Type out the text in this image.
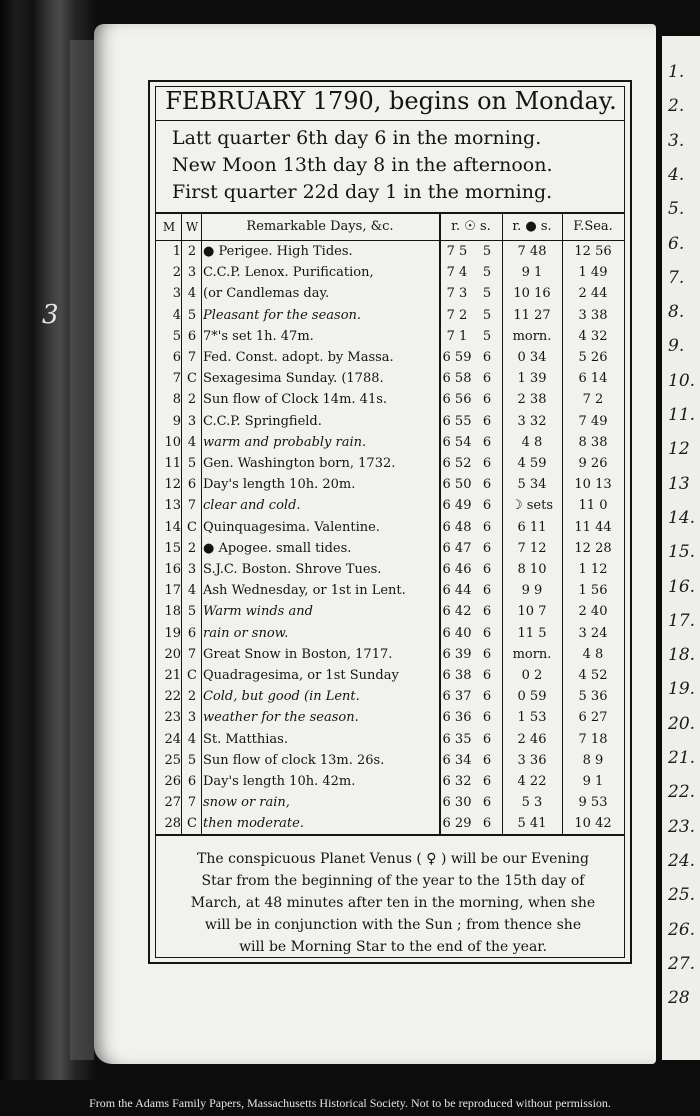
3
1.
2.
3.
4.
5.
6.
7.
8.
9.
10.
11.
12
13
14.
15.
16.
17.
18.
19.
20.
21.
22.
23.
24.
25.
26.
27.
28
FEBRUARY 1790, begins on Monday.
Latt quarter 6th day 6 in the morning.
New Moon 13th day 8 in the afternoon.
First quarter 22d day 1 in the morning.
M W	Remarkable Days, &c.	r. ☉ s.	r. ● s.	F.Sea.
1 2 ● Perigee. High Tides.	7 5	5	7 48	12 56
2 3 C.C.P. Lenox. Purification,	7 4	5	9 1	1 49
3 4 (or Candlemas day.	7 3	5	10 16	2 44
4 5 Pleasant for the season.	7 2	5	11 27	3 38
5 6 7*'s set 1h. 47m.	7 1	5	morn.	4 32
6 7 Fed. Const. adopt. by Massa.	6 59 6	0 34	5 26
7 C Sexagesima Sunday. (1788.	6 58 6	1 39	6 14
8 2 Sun flow of Clock 14m. 41s.	6 56 6	2 38	7 2
9 3 C.C.P. Springfield.	6 55 6	3 32	7 49
10 4 warm and probably rain.	6 54 6	4 8	8 38
11 5 Gen. Washington born, 1732.	6 52 6	4 59	9 26
12 6 Day's length 10h. 20m.	6 50 6	5 34	10 13
13 7 clear and cold.	6 49 6	☽ sets	11 0
14 C Quinquagesima. Valentine.	6 48 6	6 11	11 44
15 2 ● Apogee. small tides.	6 47 6	7 12	12 28
16 3 S.J.C. Boston. Shrove Tues.	6 46 6	8 10	1 12
17 4 Ash Wednesday, or 1st in Lent.	6 44 6	9 9	1 56
18 5 Warm winds and	6 42 6	10 7	2 40
19 6 rain or snow.	6 40 6	11 5	3 24
20 7 Great Snow in Boston, 1717.	6 39 6	morn.	4 8
21 C Quadragesima, or 1st Sunday	6 38 6	0 2	4 52
22 2 Cold, but good (in Lent.	6 37 6	0 59	5 36
23 3 weather for the season.	6 36 6	1 53	6 27
24 4 St. Matthias.	6 35 6	2 46	7 18
25 5 Sun flow of clock 13m. 26s.	6 34 6	3 36	8 9
26 6 Day's length 10h. 42m.	6 32 6	4 22	9 1
27 7 snow or rain,	6 30 6	5 3	9 53
28 C then moderate.	6 29 6	5 41	10 42
The conspicuous Planet Venus ( ♀ ) will be our Evening
Star from the beginning of the year to the 15th day of
March, at 48 minutes after ten in the morning, when she
will be in conjunction with the Sun ; from thence she
will be Morning Star to the end of the year.
From the Adams Family Papers, Massachusetts Historical Society. Not to be reproduced without permission.
